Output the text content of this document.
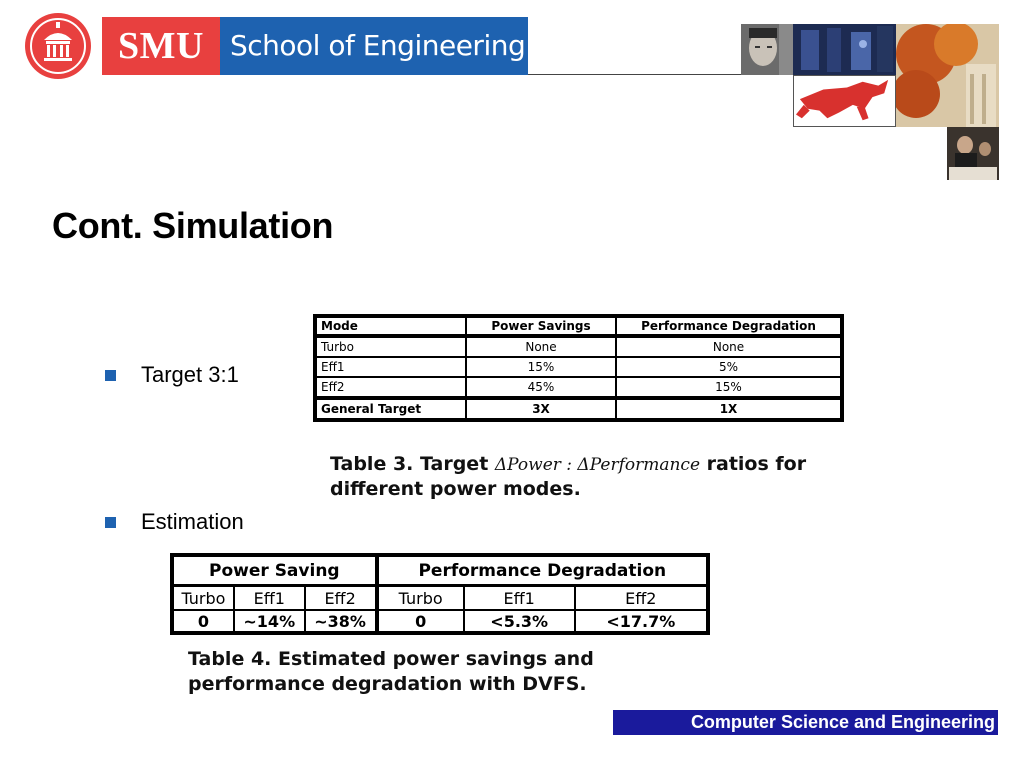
SMU School of Engineering
Cont. Simulation
Target 3:1
Estimation
Mode	Power Savings	Performance Degradation
Turbo	None	None
Eff1	15%	5%
Eff2	45%	15%
General Target	3X	1X

Table 3. Target ΔPower : ΔPerformance ratios for different power modes.

Power Saving			Performance Degradation		
Turbo	Eff1	Eff2	Turbo	Eff1	Eff2
0	~14%	~38%	0	<5.3%	<17.7%

Table 4. Estimated power savings and performance degradation with DVFS.

Computer Science and Engineering
